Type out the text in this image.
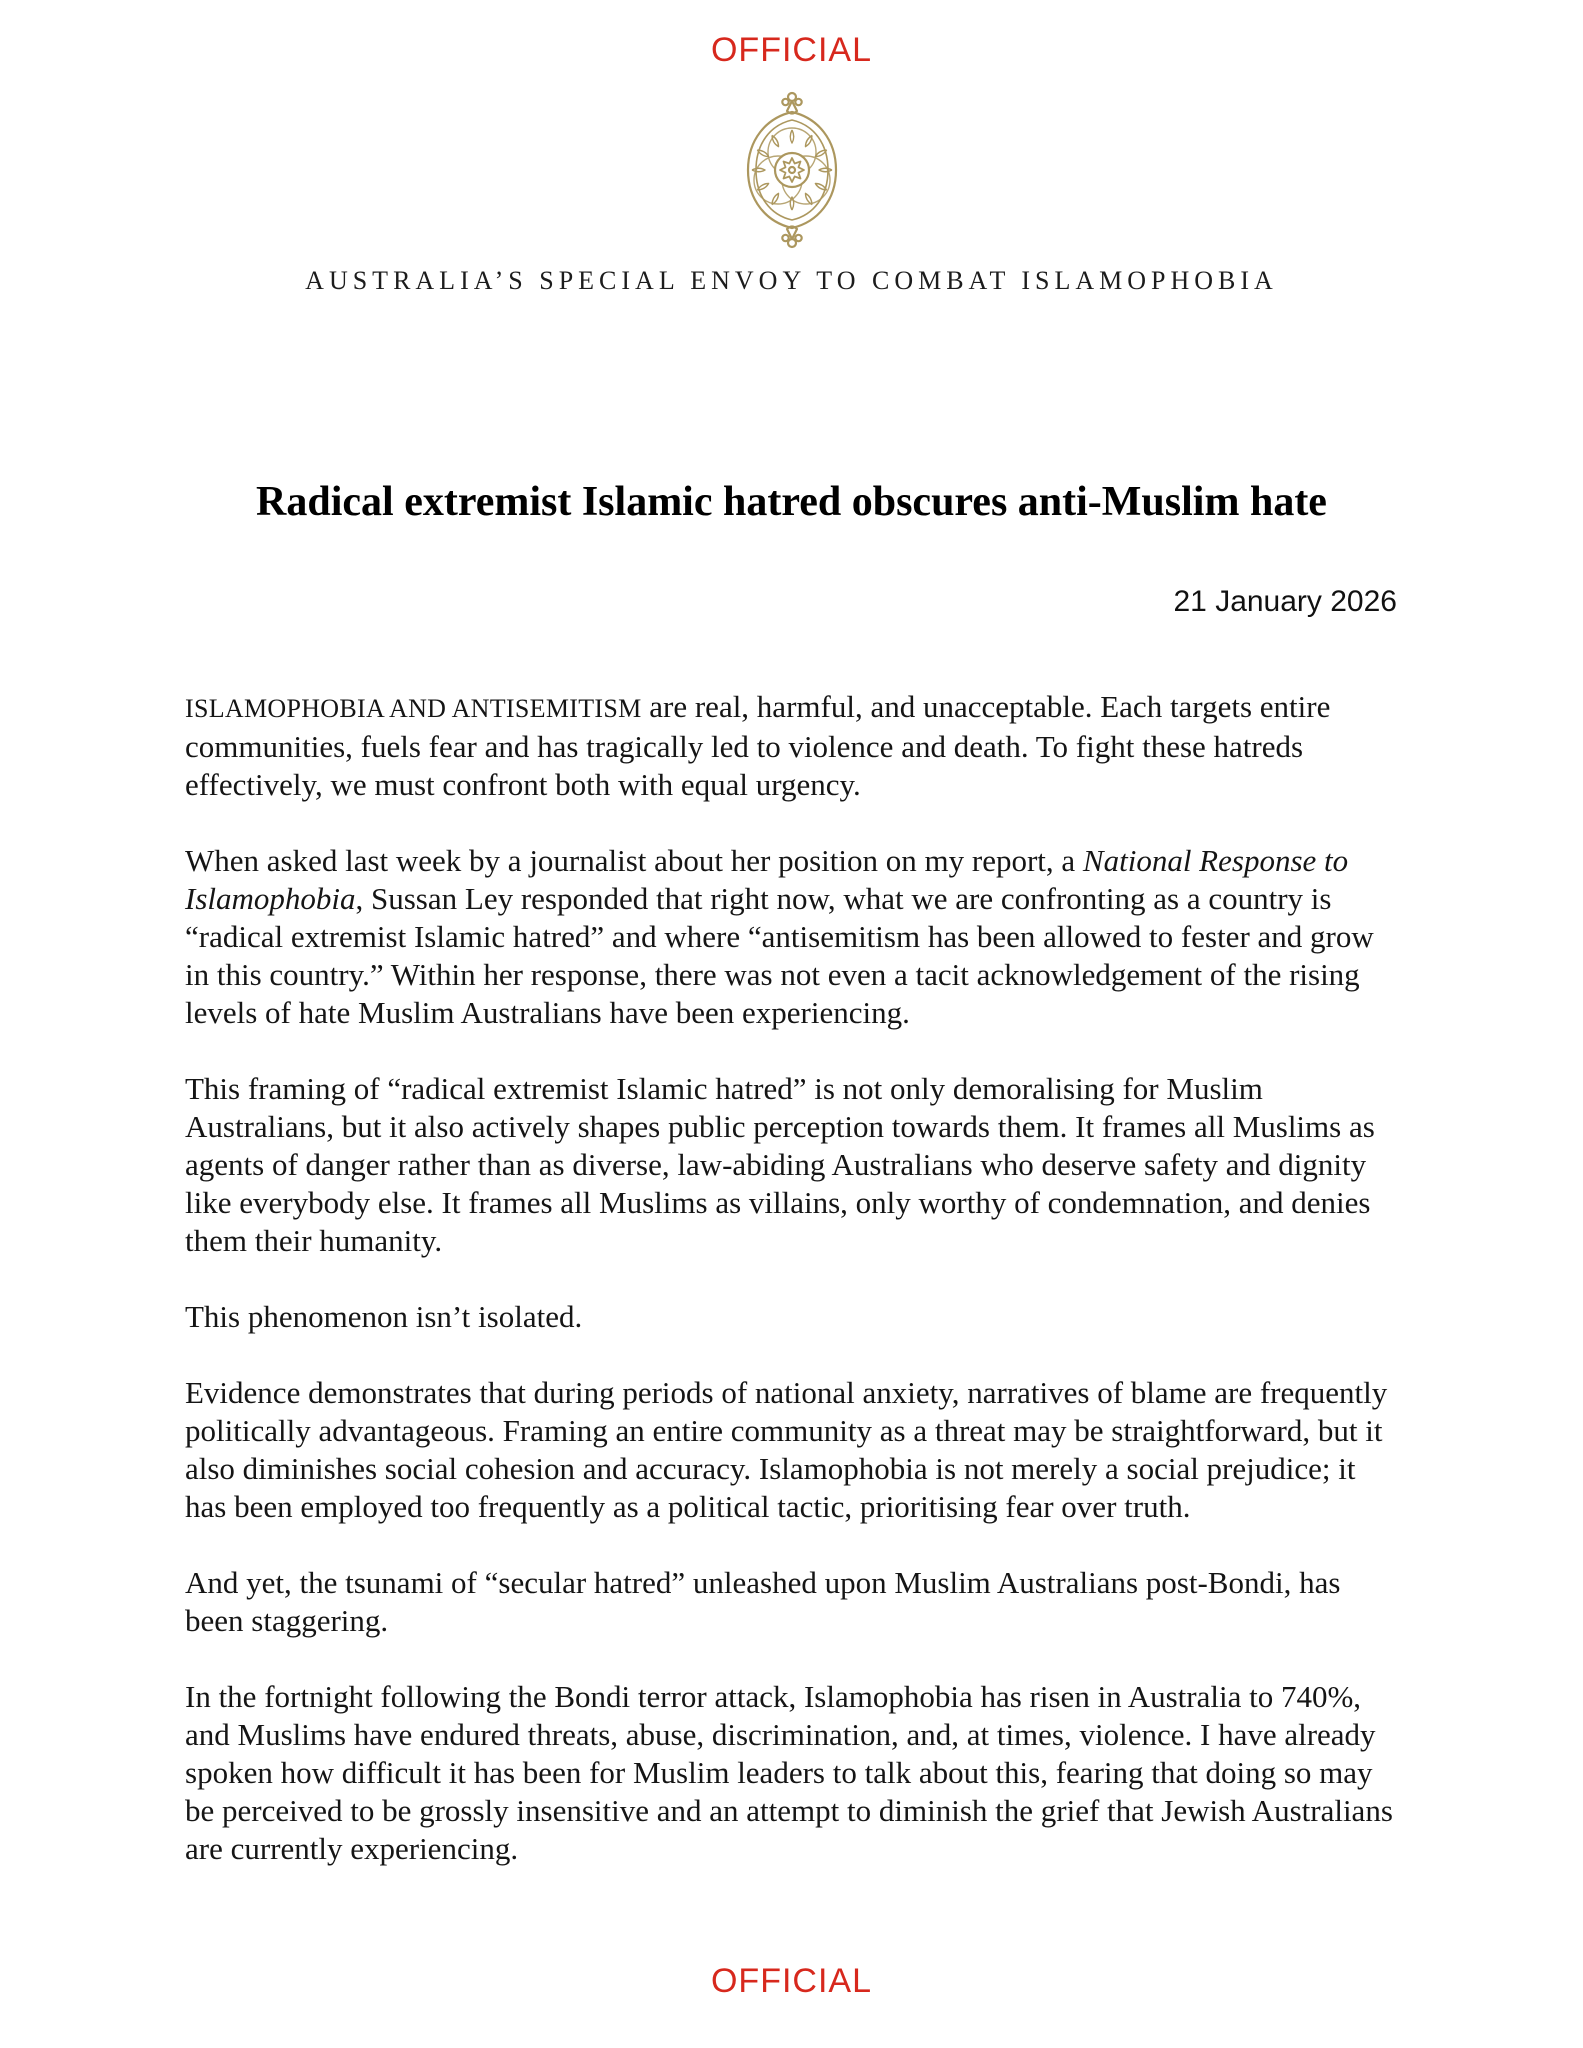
OFFICIAL
AUSTRALIA’S SPECIAL ENVOY TO COMBAT ISLAMOPHOBIA
Radical extremist Islamic hatred obscures anti-Muslim hate
21 January 2026

ISLAMOPHOBIA AND ANTISEMITISM are real, harmful, and unacceptable. Each targets entire communities, fuels fear and has tragically led to violence and death. To fight these hatreds effectively, we must confront both with equal urgency.

When asked last week by a journalist about her position on my report, a National Response to Islamophobia, Sussan Ley responded that right now, what we are confronting as a country is “radical extremist Islamic hatred” and where “antisemitism has been allowed to fester and grow in this country.” Within her response, there was not even a tacit acknowledgement of the rising levels of hate Muslim Australians have been experiencing.

This framing of “radical extremist Islamic hatred” is not only demoralising for Muslim Australians, but it also actively shapes public perception towards them. It frames all Muslims as agents of danger rather than as diverse, law-abiding Australians who deserve safety and dignity like everybody else. It frames all Muslims as villains, only worthy of condemnation, and denies them their humanity.

This phenomenon isn’t isolated.

Evidence demonstrates that during periods of national anxiety, narratives of blame are frequently politically advantageous. Framing an entire community as a threat may be straightforward, but it also diminishes social cohesion and accuracy. Islamophobia is not merely a social prejudice; it has been employed too frequently as a political tactic, prioritising fear over truth.

And yet, the tsunami of “secular hatred” unleashed upon Muslim Australians post-Bondi, has been staggering.

In the fortnight following the Bondi terror attack, Islamophobia has risen in Australia to 740%, and Muslims have endured threats, abuse, discrimination, and, at times, violence. I have already spoken how difficult it has been for Muslim leaders to talk about this, fearing that doing so may be perceived to be grossly insensitive and an attempt to diminish the grief that Jewish Australians are currently experiencing.

OFFICIAL
